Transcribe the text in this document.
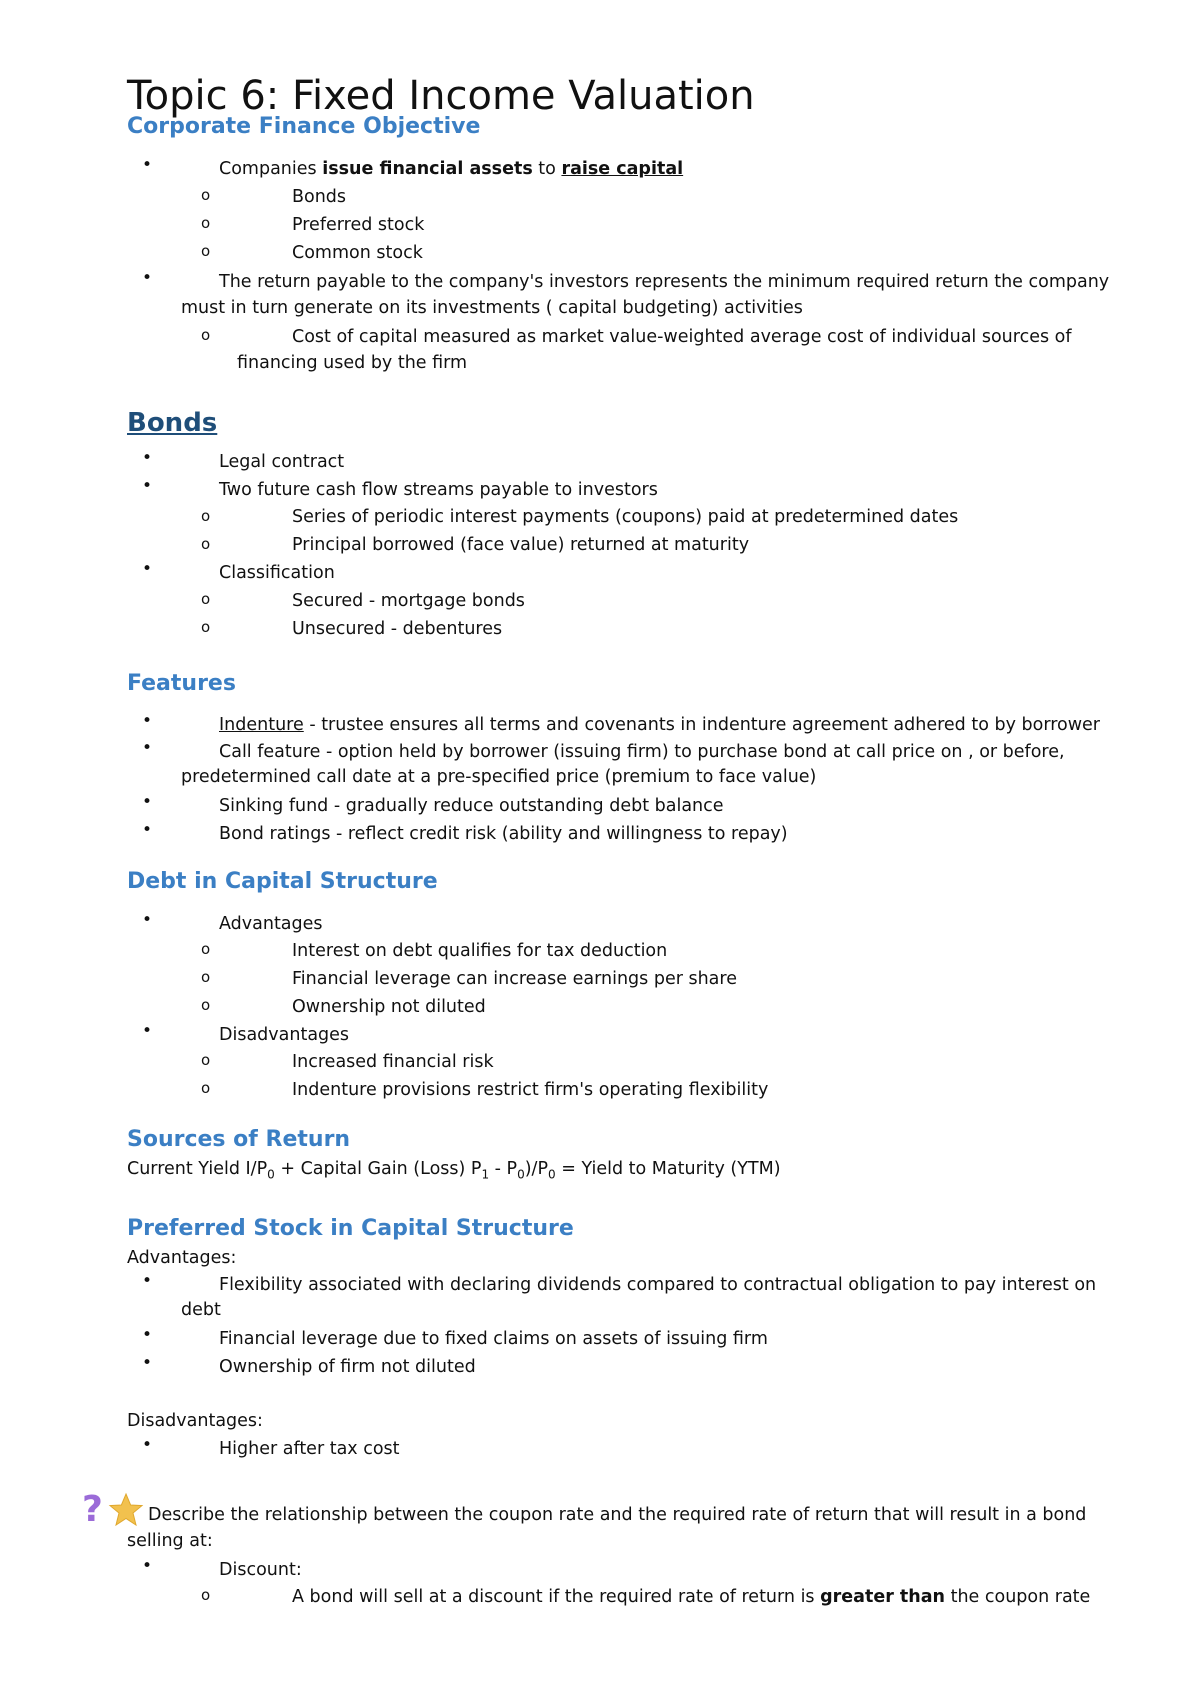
Topic 6: Fixed Income Valuation
Corporate Finance Objective
•	Companies issue financial assets to raise capital
o	Bonds
o	Preferred stock
o	Common stock
•	The return payable to the company's investors represents the minimum required return the company
must in turn generate on its investments ( capital budgeting) activities
o	Cost of capital measured as market value-weighted average cost of individual sources of
financing used by the firm
Bonds
•	Legal contract
•	Two future cash flow streams payable to investors
o	Series of periodic interest payments (coupons) paid at predetermined dates
o	Principal borrowed (face value) returned at maturity
•	Classification
o	Secured - mortgage bonds
o	Unsecured - debentures
Features
•	Indenture - trustee ensures all terms and covenants in indenture agreement adhered to by borrower
•	Call feature - option held by borrower (issuing firm) to purchase bond at call price on , or before,
predetermined call date at a pre-specified price (premium to face value)
•	Sinking fund - gradually reduce outstanding debt balance
•	Bond ratings - reflect credit risk (ability and willingness to repay)
Debt in Capital Structure
•	Advantages
o	Interest on debt qualifies for tax deduction
o	Financial leverage can increase earnings per share
o	Ownership not diluted
•	Disadvantages
o	Increased financial risk
o	Indenture provisions restrict firm's operating flexibility
Sources of Return
Current Yield $I/P_0$ + Capital Gain (Loss) $P_1 - P_0)/P_0$ = Yield to Maturity (YTM)
Preferred Stock in Capital Structure
Advantages:
•	Flexibility associated with declaring dividends compared to contractual obligation to pay interest on
debt
•	Financial leverage due to fixed claims on assets of issuing firm
•	Ownership of firm not diluted
Disadvantages:
•	Higher after tax cost
?	Describe the relationship between the coupon rate and the required rate of return that will result in a bond
selling at:
•	Discount:
o	A bond will sell at a discount if the required rate of return is greater than the coupon rate
